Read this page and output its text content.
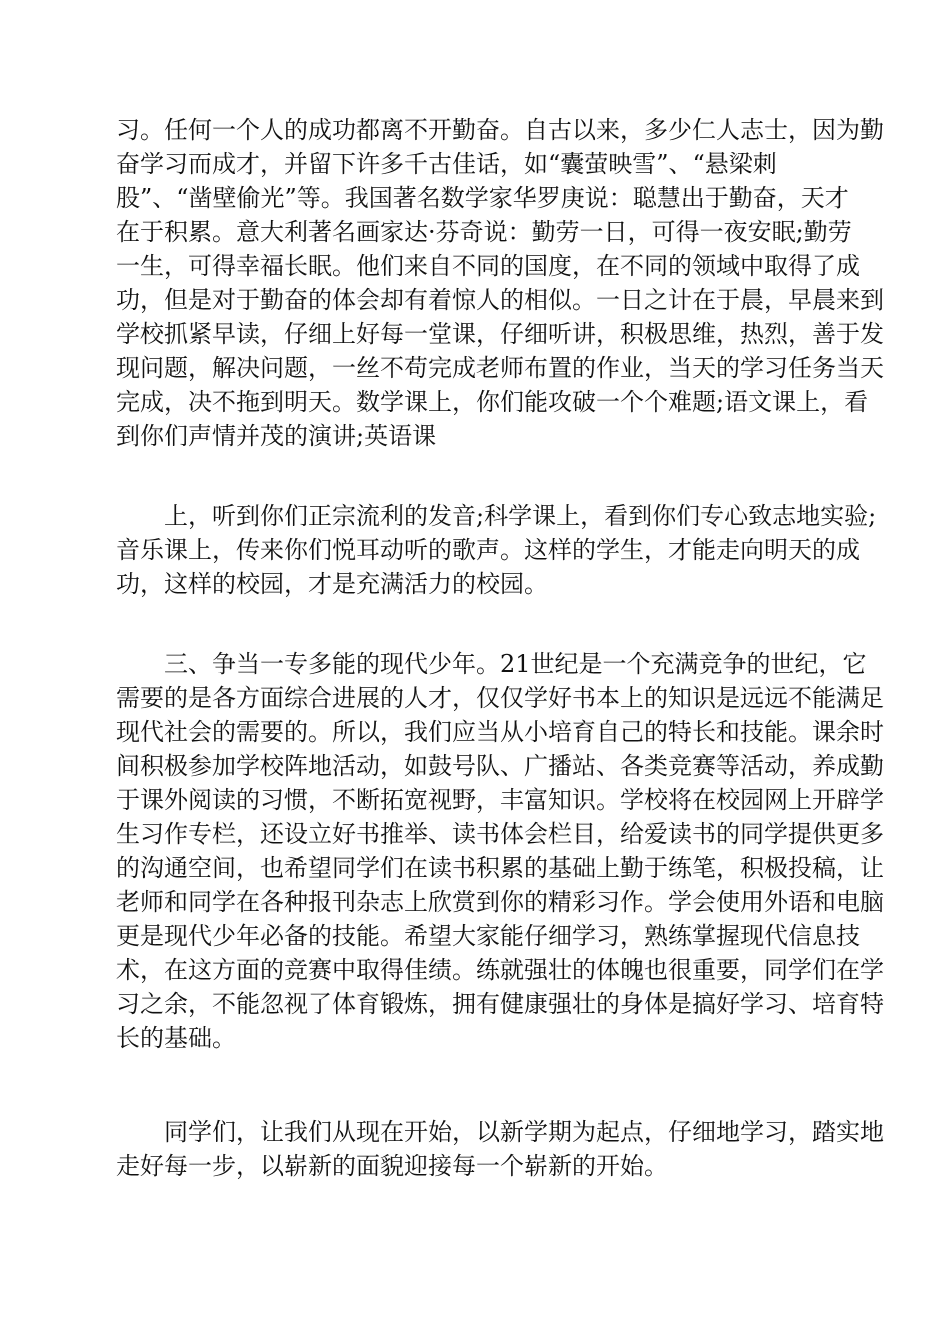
习。任何一个人的成功都离不开勤奋。自古以来，多少仁人志士，因为勤

奋学习而成才，并留下许多千古佳话，如“囊萤映雪”、“悬梁刺

股”、“凿壁偷光”等。我国著名数学家华罗庚说：聪慧出于勤奋，天才

在于积累。意大利著名画家达·芬奇说：勤劳一日，可得一夜安眠;勤劳

一生，可得幸福长眠。他们来自不同的国度，在不同的领域中取得了成

功，但是对于勤奋的体会却有着惊人的相似。一日之计在于晨，早晨来到

学校抓紧早读，仔细上好每一堂课，仔细听讲，积极思维，热烈，善于发

现问题，解决问题，一丝不苟完成老师布置的作业，当天的学习任务当天

完成，决不拖到明天。数学课上，你们能攻破一个个难题;语文课上，看

到你们声情并茂的演讲;英语课

上，听到你们正宗流利的发音;科学课上，看到你们专心致志地实验;

音乐课上，传来你们悦耳动听的歌声。这样的学生，才能走向明天的成

功，这样的校园，才是充满活力的校园。

三、争当一专多能的现代少年。21世纪是一个充满竞争的世纪，它

需要的是各方面综合进展的人才，仅仅学好书本上的知识是远远不能满足

现代社会的需要的。所以，我们应当从小培育自己的特长和技能。课余时

间积极参加学校阵地活动，如鼓号队、广播站、各类竞赛等活动，养成勤

于课外阅读的习惯，不断拓宽视野，丰富知识。学校将在校园网上开辟学

生习作专栏，还设立好书推举、读书体会栏目，给爱读书的同学提供更多

的沟通空间，也希望同学们在读书积累的基础上勤于练笔，积极投稿，让

老师和同学在各种报刊杂志上欣赏到你的精彩习作。学会使用外语和电脑

更是现代少年必备的技能。希望大家能仔细学习，熟练掌握现代信息技

术，在这方面的竞赛中取得佳绩。练就强壮的体魄也很重要，同学们在学

习之余，不能忽视了体育锻炼，拥有健康强壮的身体是搞好学习、培育特

长的基础。

同学们，让我们从现在开始，以新学期为起点，仔细地学习，踏实地

走好每一步，以崭新的面貌迎接每一个崭新的开始。
